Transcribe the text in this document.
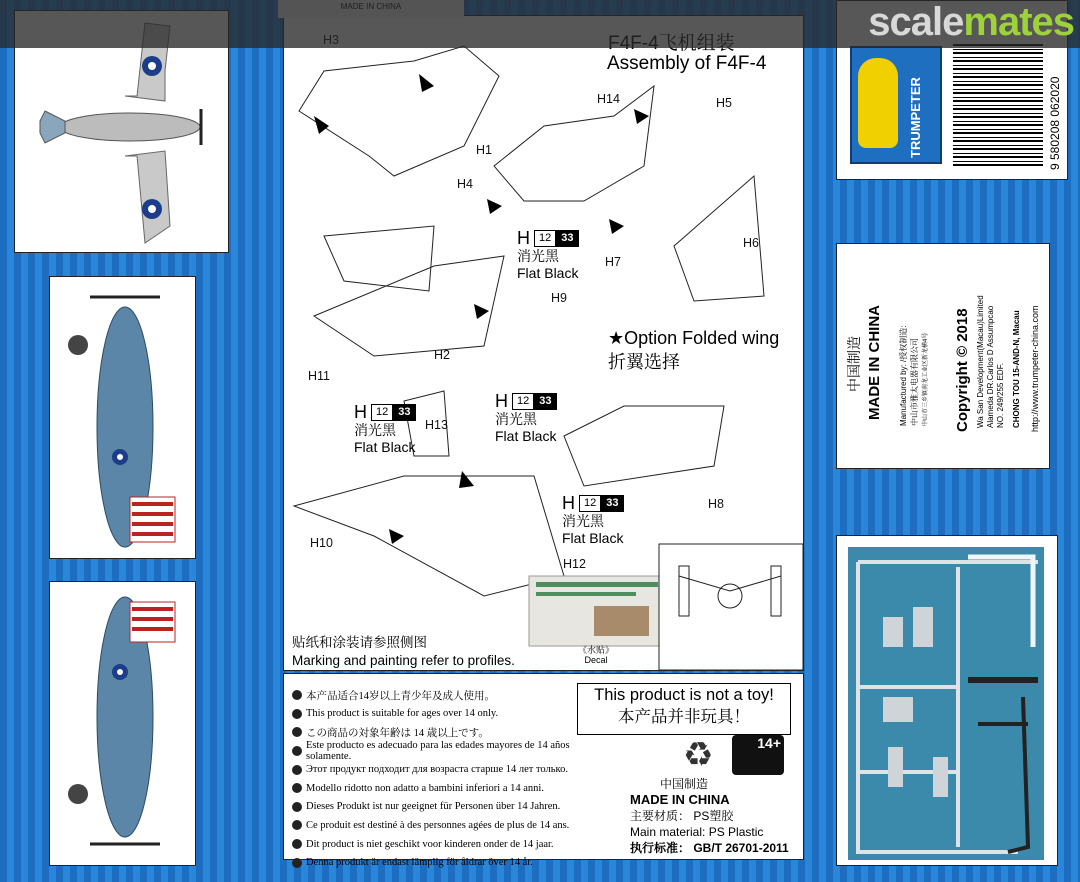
Assembly of F4F-4
H1
H14	H5
H4
H6
H7
H9
H2
H11
H13
H8
H10
H12
H 12 33
消光黑
Flat Black
H 12 33
消光黑
Flat Black
H 12 33
消光黑
Flat Black
H 12 33
消光黑
Flat Black
★Option Folded wing
折翼选择
《水贴》
Decal
贴纸和涂装请参照侧图
Marking and painting refer to profiles.
本产品适合14岁以上青少年及成人使用。
This product is suitable for ages over 14 only.
この商品の対象年齢は 14 歳以上です。
Este producto es adecuado para las edades mayores de 14 años solamente.
Этот продукт подходит для возраста старше 14 лет только.
Modello ridotto non adatto a bambini inferiori a 14 anni.
Dieses Produkt ist nur geeignet für Personen über 14 Jahren.
Ce produit est destiné à des personnes agées de plus de 14 ans.
Dit product is niet geschikt voor kinderen onder de 14 jaar.
Denna produkt är endast lämplig för åldrar över 14 år.
This product is not a toy!
本产品并非玩具！
♻	14+
中国制造
MADE IN CHINA
主要材质： PS塑胶
Main material: PS Plastic
执行标准： GB/T 26701-2011
TRUMPETER	9 580208 062020
中国制造 MADE IN CHINA Manufactured by: /授权制造: 中山市雅太电器有限公司 中山市三乡镇南龙工业区新龙横4号 Copyright © 2018 Wa San Development(Macau)Limited Alameda DR.Carlos D Assumpcao NO. 249/255 EDF. CHONG TOU 15-AND-N, Macau http://www.trumpeter-china.com
scalemates
